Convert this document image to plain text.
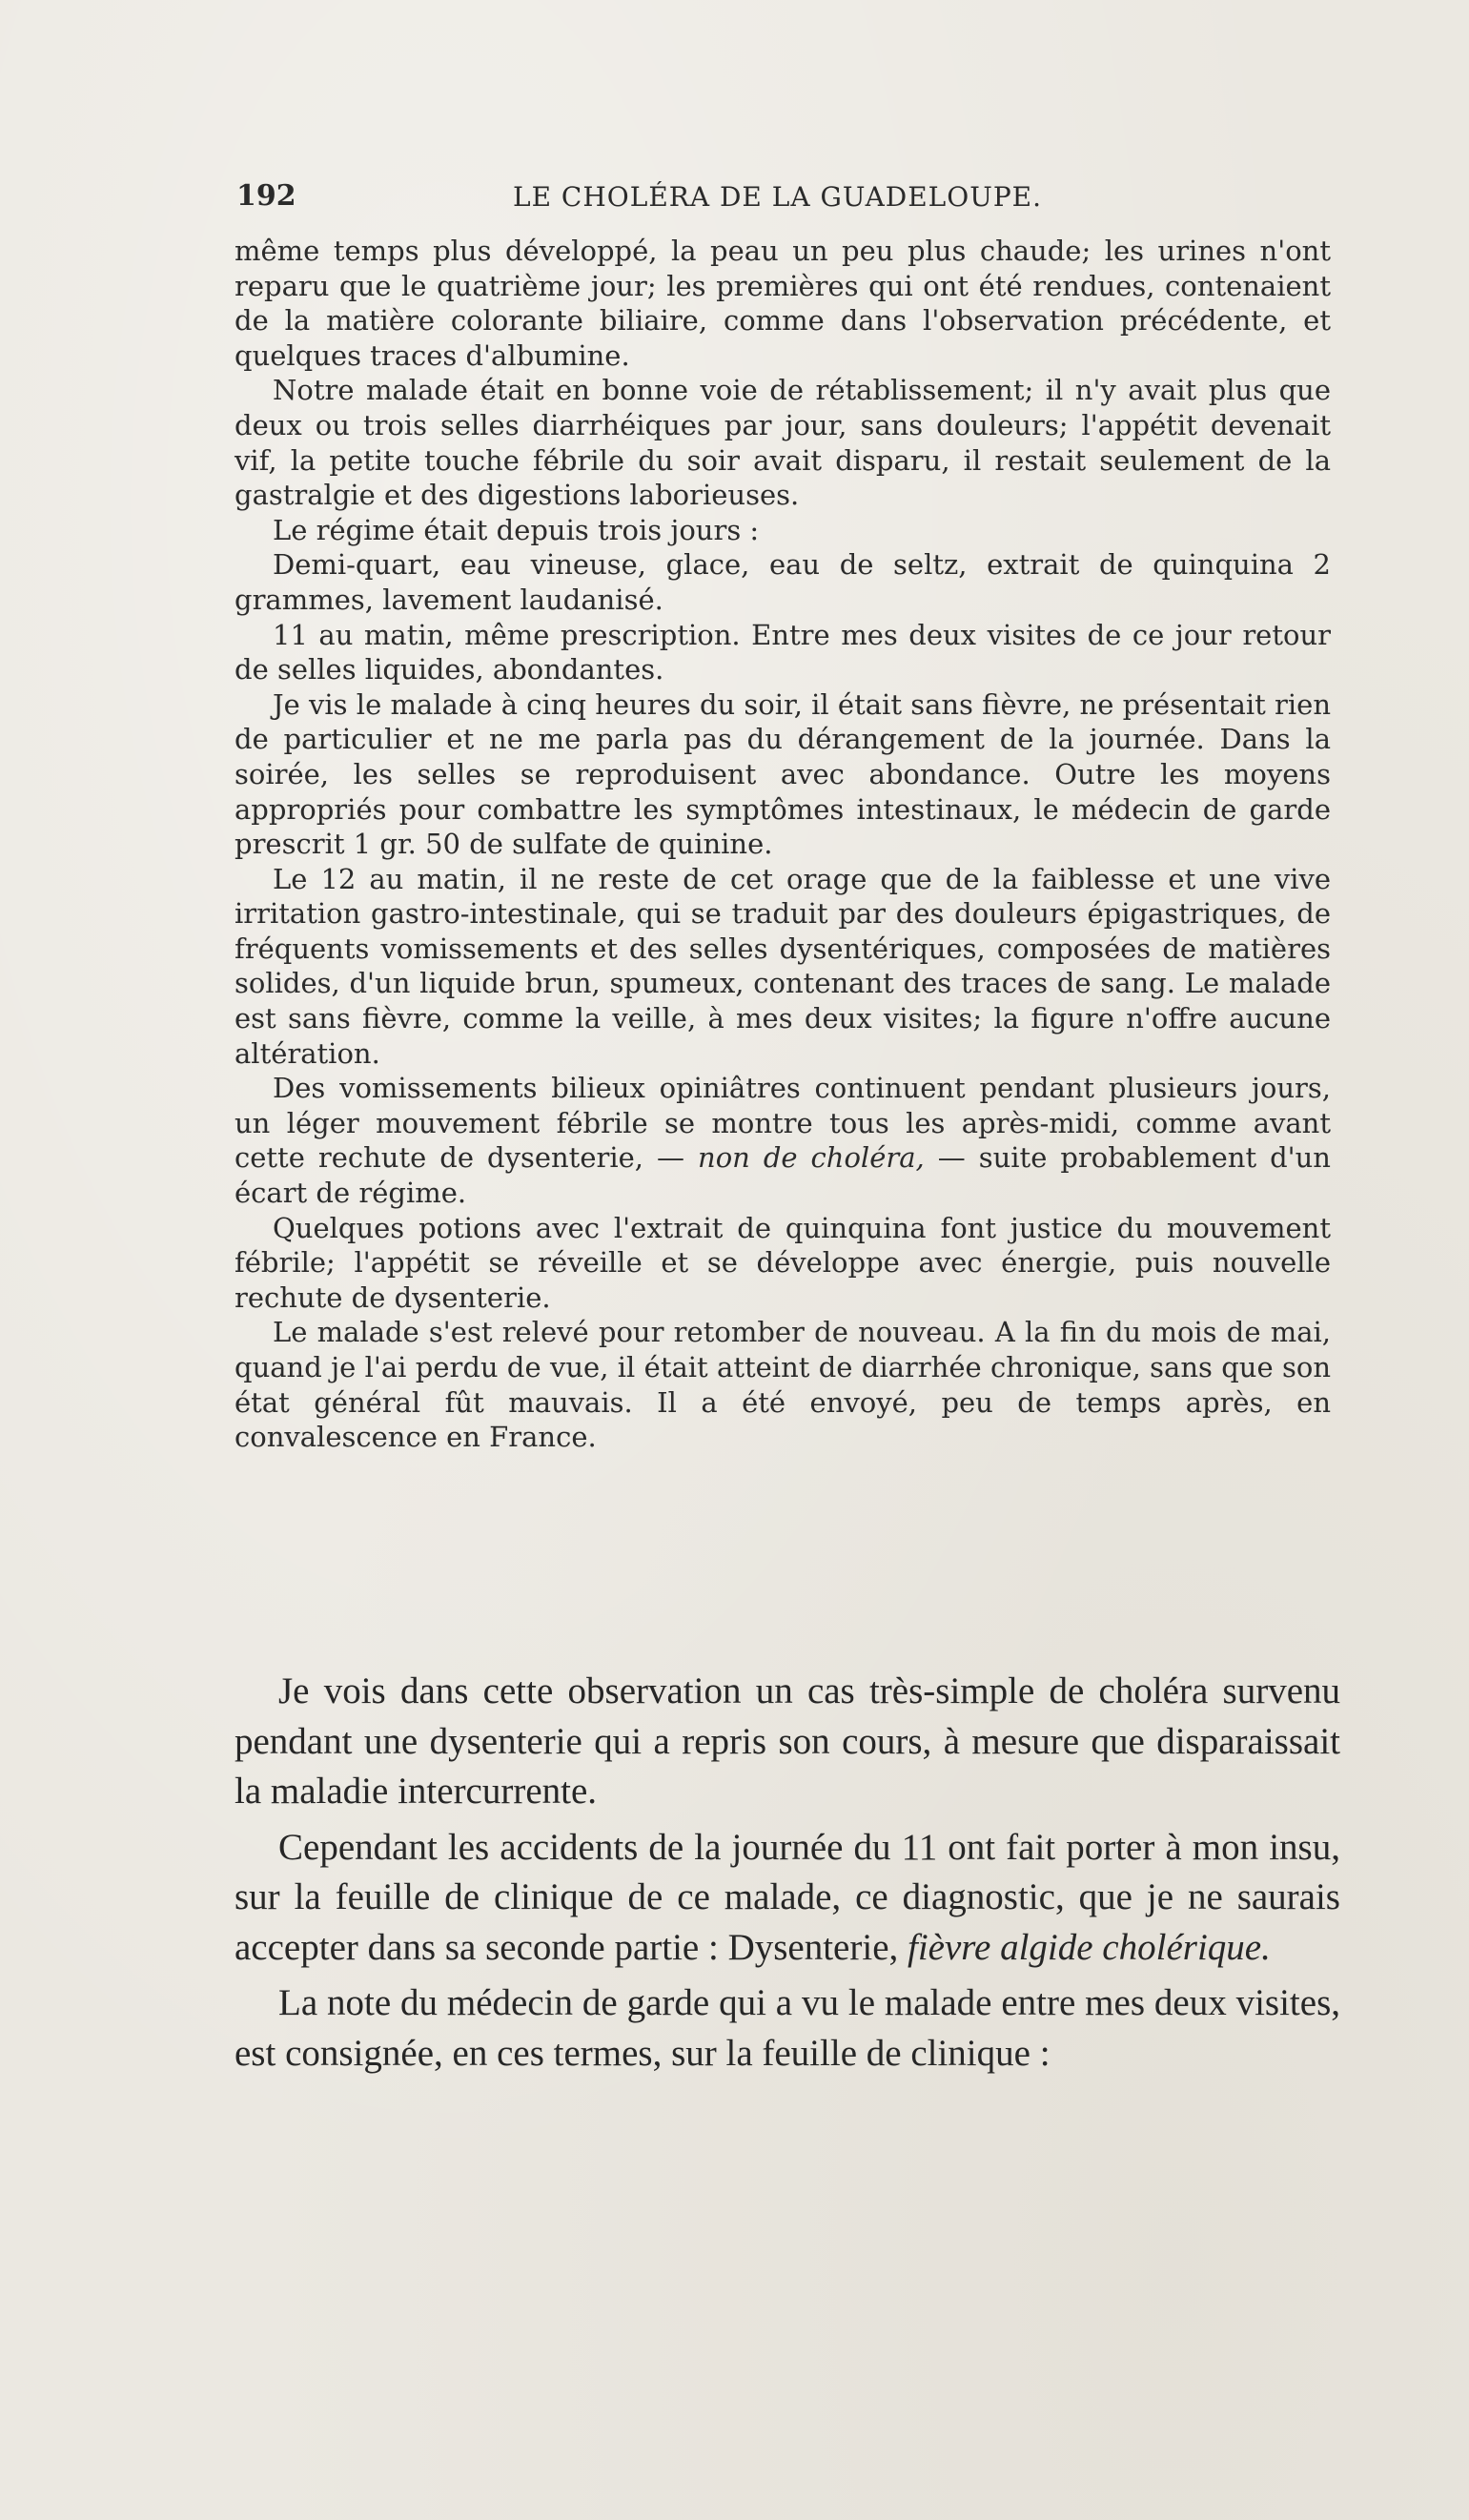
192	LE CHOLÉRA DE LA GUADELOUPE.

même temps plus développé, la peau un peu plus chaude; les urines n'ont reparu que le quatrième jour; les premières qui ont été rendues, contenaient de la matière colorante biliaire, comme dans l'observation précédente, et quelques traces d'albumine.

Notre malade était en bonne voie de rétablissement; il n'y avait plus que deux ou trois selles diarrhéiques par jour, sans douleurs; l'appétit devenait vif, la petite touche fébrile du soir avait disparu, il restait seulement de la gastralgie et des digestions laborieuses.

Le régime était depuis trois jours :

Demi-quart, eau vineuse, glace, eau de seltz, extrait de quinquina 2 grammes, lavement laudanisé.

11 au matin, même prescription. Entre mes deux visites de ce jour retour de selles liquides, abondantes.

Je vis le malade à cinq heures du soir, il était sans fièvre, ne présentait rien de particulier et ne me parla pas du dérangement de la journée. Dans la soirée, les selles se reproduisent avec abondance. Outre les moyens appropriés pour combattre les symptômes intestinaux, le médecin de garde prescrit 1 gr. 50 de sulfate de quinine.

Le 12 au matin, il ne reste de cet orage que de la faiblesse et une vive irritation gastro-intestinale, qui se traduit par des douleurs épigastriques, de fréquents vomissements et des selles dysentériques, composées de matières solides, d'un liquide brun, spumeux, contenant des traces de sang. Le malade est sans fièvre, comme la veille, à mes deux visites; la figure n'offre aucune altération.

Des vomissements bilieux opiniâtres continuent pendant plusieurs jours, un léger mouvement fébrile se montre tous les après-midi, comme avant cette rechute de dysenterie, — non de choléra, — suite probablement d'un écart de régime.

Quelques potions avec l'extrait de quinquina font justice du mouvement fébrile; l'appétit se réveille et se développe avec énergie, puis nouvelle rechute de dysenterie.

Le malade s'est relevé pour retomber de nouveau. A la fin du mois de mai, quand je l'ai perdu de vue, il était atteint de diarrhée chronique, sans que son état général fût mauvais. Il a été envoyé, peu de temps après, en convalescence en France.

Je vois dans cette observation un cas très-simple de choléra survenu pendant une dysenterie qui a repris son cours, à mesure que disparaissait la maladie intercurrente.

Cependant les accidents de la journée du 11 ont fait porter à mon insu, sur la feuille de clinique de ce malade, ce diagnostic, que je ne saurais accepter dans sa seconde partie : Dysenterie, fièvre algide cholérique.

La note du médecin de garde qui a vu le malade entre mes deux visites, est consignée, en ces termes, sur la feuille de clinique :
